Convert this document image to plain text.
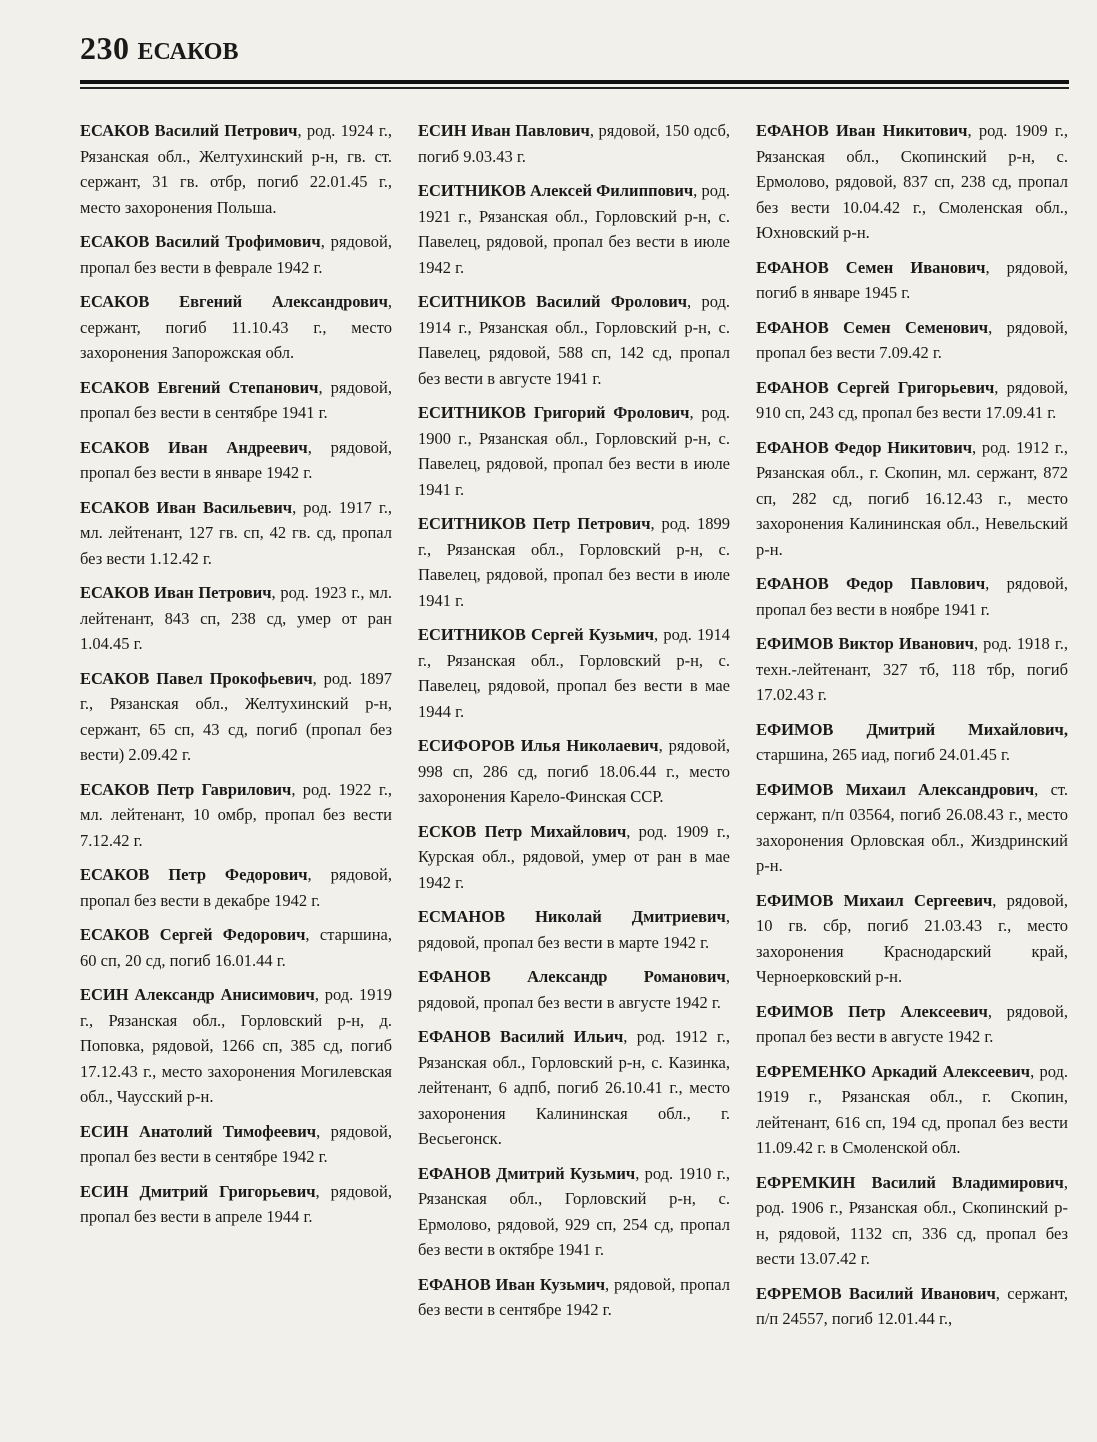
230 ЕСАКОВ

ЕСАКОВ Василий Петрович, род. 1924 г., Рязанская обл., Желтухинский р-н, гв. ст. сержант, 31 гв. отбр, погиб 22.01.45 г., место захоронения Польша.

ЕСАКОВ Василий Трофимович, рядовой, пропал без вести в феврале 1942 г.

ЕСАКОВ Евгений Александрович, сержант, погиб 11.10.43 г., место захоронения Запорожская обл.

ЕСАКОВ Евгений Степанович, рядовой, пропал без вести в сентябре 1941 г.

ЕСАКОВ Иван Андреевич, рядовой, пропал без вести в январе 1942 г.

ЕСАКОВ Иван Васильевич, род. 1917 г., мл. лейтенант, 127 гв. сп, 42 гв. сд, пропал без вести 1.12.42 г.

ЕСАКОВ Иван Петрович, род. 1923 г., мл. лейтенант, 843 сп, 238 сд, умер от ран 1.04.45 г.

ЕСАКОВ Павел Прокофьевич, род. 1897 г., Рязанская обл., Желтухинский р-н, сержант, 65 сп, 43 сд, погиб (пропал без вести) 2.09.42 г.

ЕСАКОВ Петр Гаврилович, род. 1922 г., мл. лейтенант, 10 омбр, пропал без вести 7.12.42 г.

ЕСАКОВ Петр Федорович, рядовой, пропал без вести в декабре 1942 г.

ЕСАКОВ Сергей Федорович, старшина, 60 сп, 20 сд, погиб 16.01.44 г.

ЕСИН Александр Анисимович, род. 1919 г., Рязанская обл., Горловский р-н, д. Поповка, рядовой, 1266 сп, 385 сд, погиб 17.12.43 г., место захоронения Могилевская обл., Чаусский р-н.

ЕСИН Анатолий Тимофеевич, рядовой, пропал без вести в сентябре 1942 г.

ЕСИН Дмитрий Григорьевич, рядовой, пропал без вести в апреле 1944 г.

ЕСИН Иван Павлович, рядовой, 150 одсб, погиб 9.03.43 г.

ЕСИТНИКОВ Алексей Филиппович, род. 1921 г., Рязанская обл., Горловский р-н, с. Павелец, рядовой, пропал без вести в июле 1942 г.

ЕСИТНИКОВ Василий Фролович, род. 1914 г., Рязанская обл., Горловский р-н, с. Павелец, рядовой, 588 сп, 142 сд, пропал без вести в августе 1941 г.

ЕСИТНИКОВ Григорий Фролович, род. 1900 г., Рязанская обл., Горловский р-н, с. Павелец, рядовой, пропал без вести в июле 1941 г.

ЕСИТНИКОВ Петр Петрович, род. 1899 г., Рязанская обл., Горловский р-н, с. Павелец, рядовой, пропал без вести в июле 1941 г.

ЕСИТНИКОВ Сергей Кузьмич, род. 1914 г., Рязанская обл., Горловский р-н, с. Павелец, рядовой, пропал без вести в мае 1944 г.

ЕСИФОРОВ Илья Николаевич, рядовой, 998 сп, 286 сд, погиб 18.06.44 г., место захоронения Карело-Финская ССР.

ЕСКОВ Петр Михайлович, род. 1909 г., Курская обл., рядовой, умер от ран в мае 1942 г.

ЕСМАНОВ Николай Дмитриевич, рядовой, пропал без вести в марте 1942 г.

ЕФАНОВ Александр Романович, рядовой, пропал без вести в августе 1942 г.

ЕФАНОВ Василий Ильич, род. 1912 г., Рязанская обл., Горловский р-н, с. Казинка, лейтенант, 6 адпб, погиб 26.10.41 г., место захоронения Калининская обл., г. Весьегонск.

ЕФАНОВ Дмитрий Кузьмич, род. 1910 г., Рязанская обл., Горловский р-н, с. Ермолово, рядовой, 929 сп, 254 сд, пропал без вести в октябре 1941 г.

ЕФАНОВ Иван Кузьмич, рядовой, пропал без вести в сентябре 1942 г.

ЕФАНОВ Иван Никитович, род. 1909 г., Рязанская обл., Скопинский р-н, с. Ермолово, рядовой, 837 сп, 238 сд, пропал без вести 10.04.42 г., Смоленская обл., Юхновский р-н.

ЕФАНОВ Семен Иванович, рядовой, погиб в январе 1945 г.

ЕФАНОВ Семен Семенович, рядовой, пропал без вести 7.09.42 г.

ЕФАНОВ Сергей Григорьевич, рядовой, 910 сп, 243 сд, пропал без вести 17.09.41 г.

ЕФАНОВ Федор Никитович, род. 1912 г., Рязанская обл., г. Скопин, мл. сержант, 872 сп, 282 сд, погиб 16.12.43 г., место захоронения Калининская обл., Невельский р-н.

ЕФАНОВ Федор Павлович, рядовой, пропал без вести в ноябре 1941 г.

ЕФИМОВ Виктор Иванович, род. 1918 г., техн.-лейтенант, 327 тб, 118 тбр, погиб 17.02.43 г.

ЕФИМОВ Дмитрий Михайлович, старшина, 265 иад, погиб 24.01.45 г.

ЕФИМОВ Михаил Александрович, ст. сержант, п/п 03564, погиб 26.08.43 г., место захоронения Орловская обл., Жиздринский р-н.

ЕФИМОВ Михаил Сергеевич, рядовой, 10 гв. сбр, погиб 21.03.43 г., место захоронения Краснодарский край, Черноерковский р-н.

ЕФИМОВ Петр Алексеевич, рядовой, пропал без вести в августе 1942 г.

ЕФРЕМЕНКО Аркадий Алексеевич, род. 1919 г., Рязанская обл., г. Скопин, лейтенант, 616 сп, 194 сд, пропал без вести 11.09.42 г. в Смоленской обл.

ЕФРЕМКИН Василий Владимирович, род. 1906 г., Рязанская обл., Скопинский р-н, рядовой, 1132 сп, 336 сд, пропал без вести 13.07.42 г.

ЕФРЕМОВ Василий Иванович, сержант, п/п 24557, погиб 12.01.44 г.,
